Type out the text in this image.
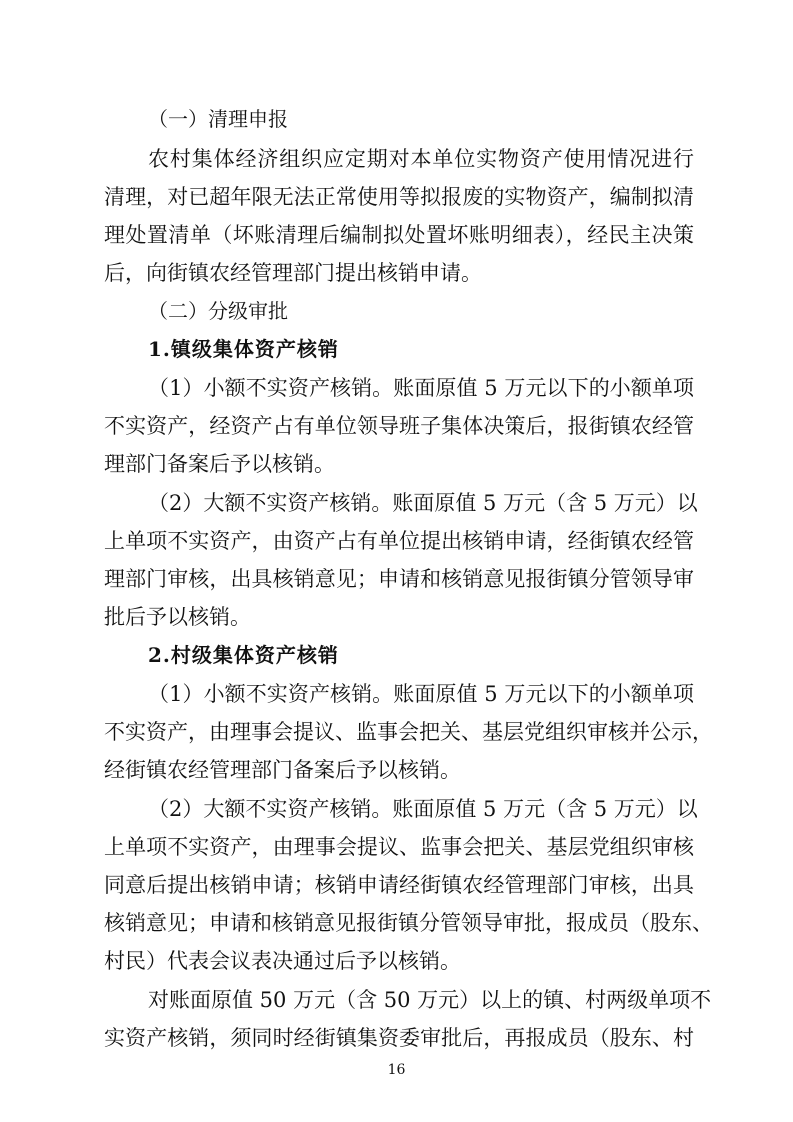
（一）清理申报
农村集体经济组织应定期对本单位实物资产使用情况进行
清理，对已超年限无法正常使用等拟报废的实物资产，编制拟清
理处置清单（坏账清理后编制拟处置坏账明细表），经民主决策
后，向街镇农经管理部门提出核销申请。
（二）分级审批
1.镇级集体资产核销
（1）小额不实资产核销。账面原值 5 万元以下的小额单项
不实资产，经资产占有单位领导班子集体决策后，报街镇农经管
理部门备案后予以核销。
（2）大额不实资产核销。账面原值 5 万元（含 5 万元）以
上单项不实资产，由资产占有单位提出核销申请，经街镇农经管
理部门审核，出具核销意见；申请和核销意见报街镇分管领导审
批后予以核销。
2.村级集体资产核销
（1）小额不实资产核销。账面原值 5 万元以下的小额单项
不实资产，由理事会提议、监事会把关、基层党组织审核并公示，
经街镇农经管理部门备案后予以核销。
（2）大额不实资产核销。账面原值 5 万元（含 5 万元）以
上单项不实资产，由理事会提议、监事会把关、基层党组织审核
同意后提出核销申请；核销申请经街镇农经管理部门审核，出具
核销意见；申请和核销意见报街镇分管领导审批，报成员（股东、
村民）代表会议表决通过后予以核销。
对账面原值 50 万元（含 50 万元）以上的镇、村两级单项不
实资产核销，须同时经街镇集资委审批后，再报成员（股东、村
16
